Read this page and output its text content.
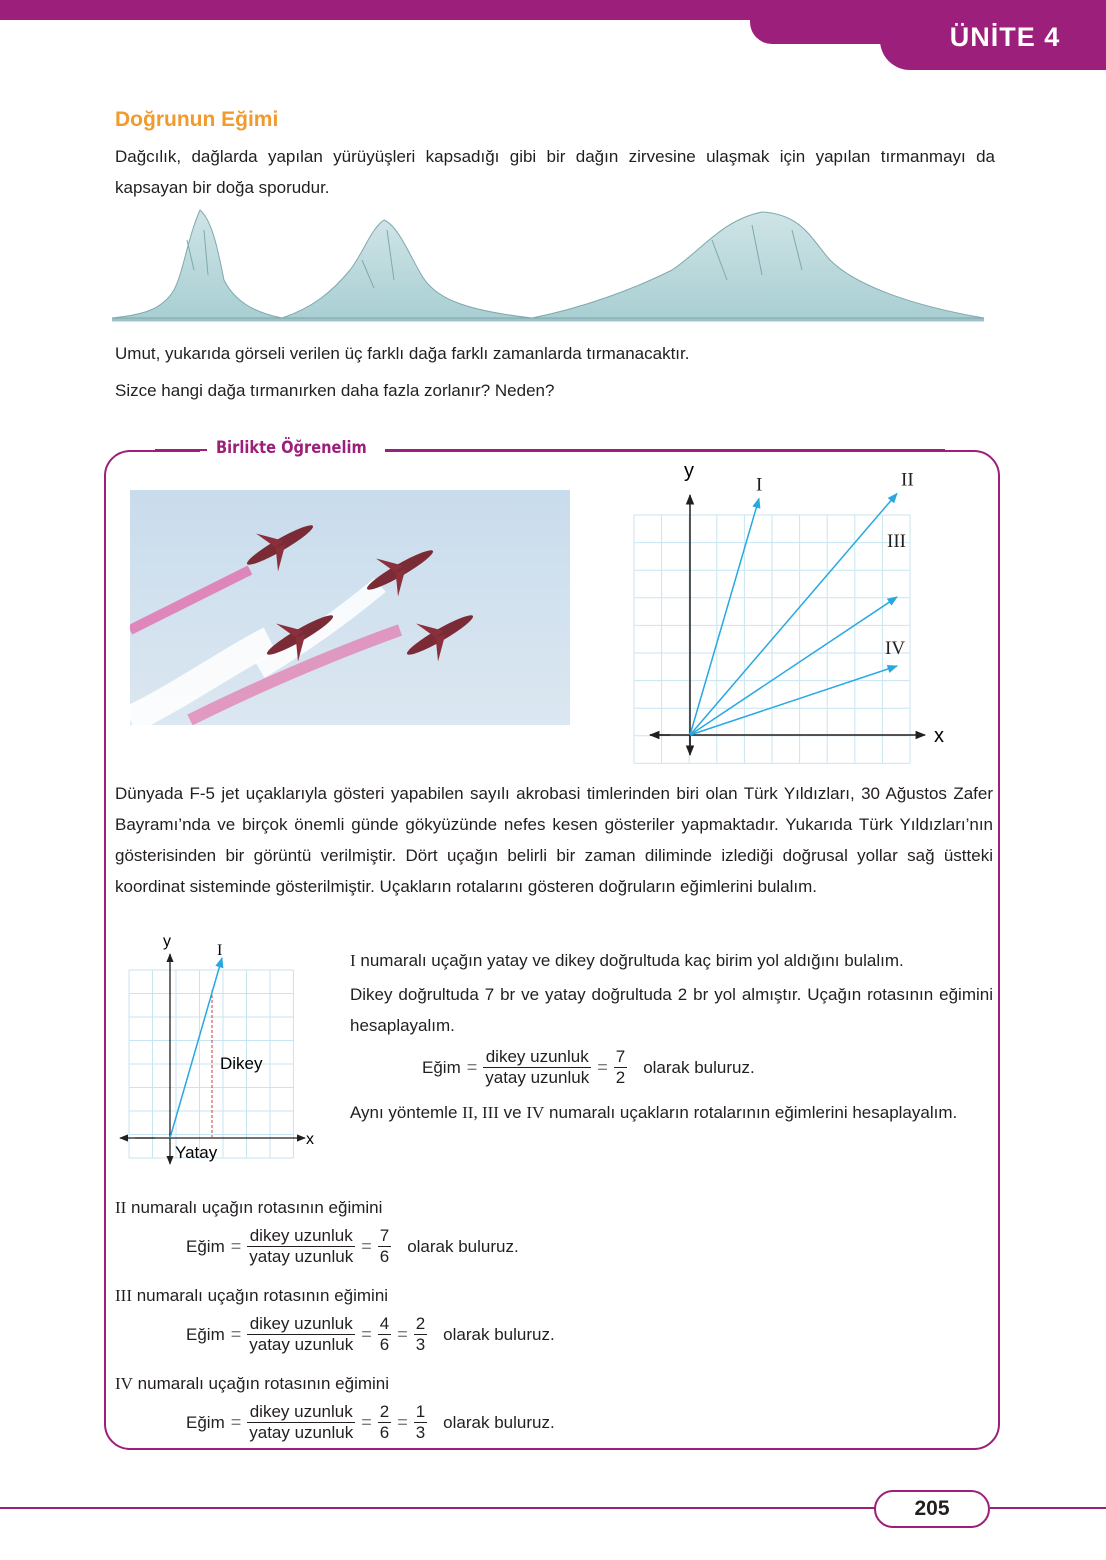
ÜNİTE 4
Doğrunun Eğimi
Dağcılık, dağlarda yapılan yürüyüşleri kapsadığı gibi bir dağın zirvesine ulaşmak için yapılan tırmanmayı da kapsayan bir doğa sporudur.
Umut, yukarıda görseli verilen üç farklı dağa farklı zamanlarda tırmanacaktır.
Sizce hangi dağa tırmanırken daha fazla zorlanır? Neden?
Birlikte Öğrenelim
I	II
III
IV
y
x
Dünyada F-5 jet uçaklarıyla gösteri yapabilen sayılı akrobasi timlerinden biri olan Türk Yıldızları, 30 Ağustos Zafer Bayramı’nda ve birçok önemli günde gökyüzünde nefes kesen gösteriler yapmaktadır. Yukarıda Türk Yıldızları’nın gösterisinden bir görüntü verilmiştir. Dört uçağın belirli bir zaman diliminde izlediği doğrusal yollar sağ üstteki koordinat sisteminde gösterilmiştir. Uçakların rotalarını gösteren doğruların eğimlerini bulalım.
y
I
x
Dikey
Yatay
I numaralı uçağın yatay ve dikey doğrultuda kaç birim yol aldığını bulalım.
Dikey doğrultuda 7 br ve yatay doğrultuda 2 br yol almıştır. Uçağın rotasının eğimini hesaplayalım.
Eğim = $\frac{\text{dikey uzunluk}}{\text{yatay uzunluk}} = \frac{7}{2}$ olarak buluruz.
Aynı yöntemle II, III ve IV numaralı uçakların rotalarının eğimlerini hesaplayalım.
II numaralı uçağın rotasının eğimini
Eğim = $\frac{\text{dikey uzunluk}}{\text{yatay uzunluk}} = \frac{7}{6}$ olarak buluruz.
III numaralı uçağın rotasının eğimini
Eğim = $\frac{\text{dikey uzunluk}}{\text{yatay uzunluk}} = \frac{4}{6} = \frac{2}{3}$ olarak buluruz.
IV numaralı uçağın rotasının eğimini
Eğim = $\frac{\text{dikey uzunluk}}{\text{yatay uzunluk}} = \frac{2}{6} = \frac{1}{3}$ olarak buluruz.
205
